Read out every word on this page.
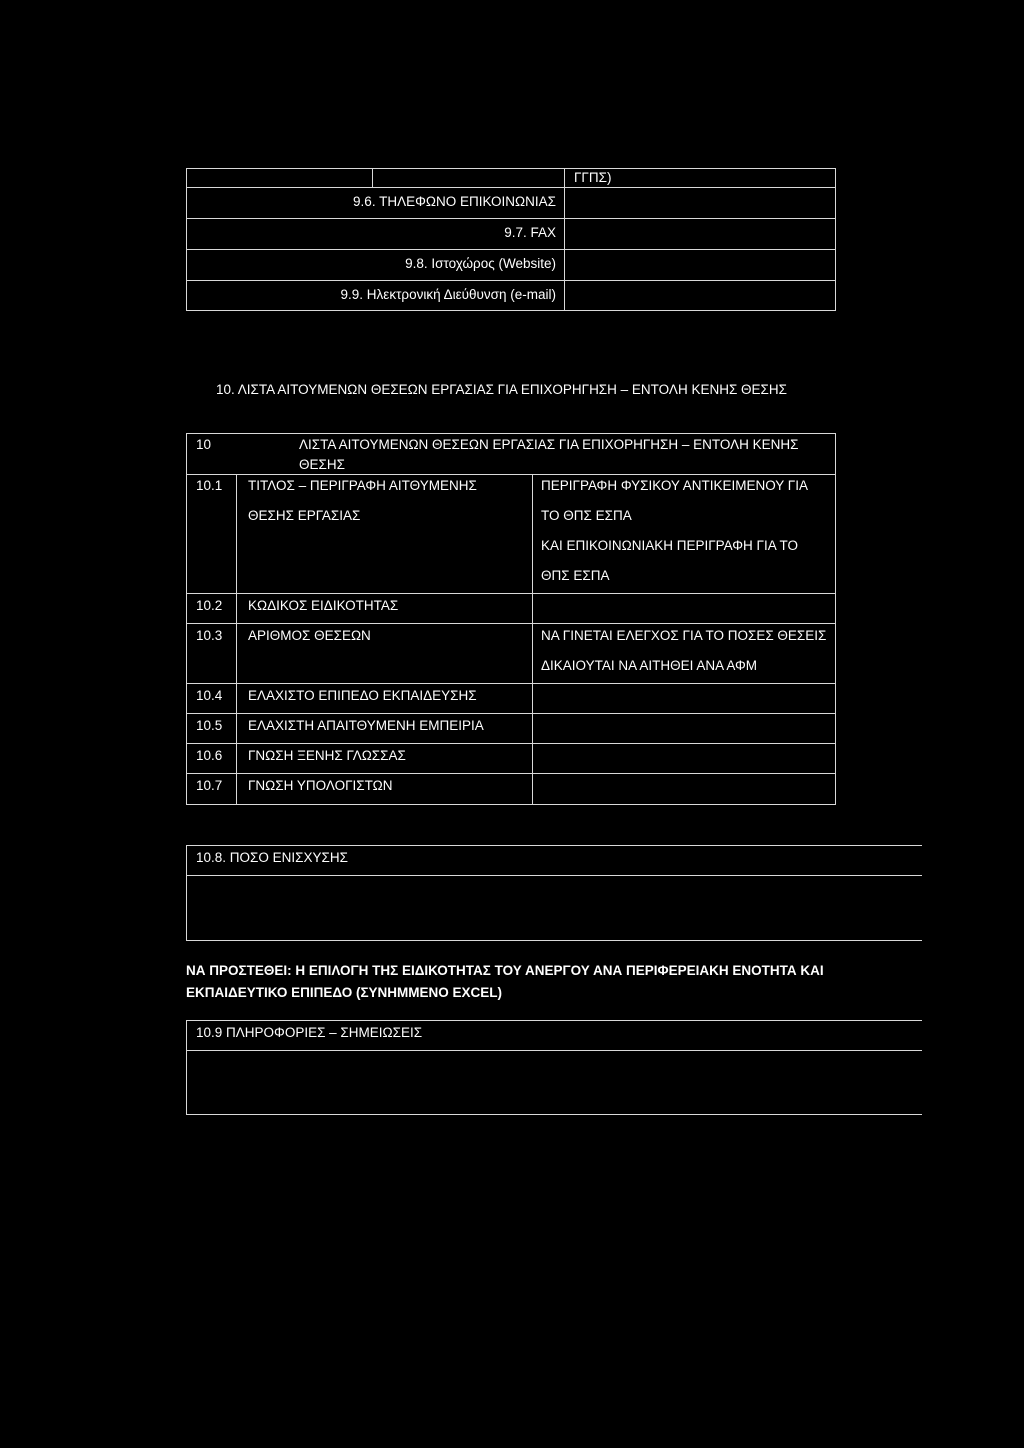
ΓΓΠΣ)
9.6. ΤΗΛΕΦΩΝΟ ΕΠΙΚΟΙΝΩΝΙΑΣ
9.7. FAX
9.8. Ιστοχώρος (Website)
9.9. Ηλεκτρονική Διεύθυνση (e-mail)
10. ΛΙΣΤΑ ΑΙΤΟΥΜΕΝΩΝ ΘΕΣΕΩΝ ΕΡΓΑΣΙΑΣ ΓΙΑ ΕΠΙΧΟΡΗΓΗΣΗ – ΕΝΤΟΛΗ ΚΕΝΗΣ ΘΕΣΗΣ
10	ΛΙΣΤΑ ΑΙΤΟΥΜΕΝΩΝ ΘΕΣΕΩΝ ΕΡΓΑΣΙΑΣ ΓΙΑ ΕΠΙΧΟΡΗΓΗΣΗ – ΕΝΤΟΛΗ ΚΕΝΗΣ
ΘΕΣΗΣ
10.1 ΤΙΤΛΟΣ – ΠΕΡΙΓΡΑΦΗ ΑΙΤΘΥΜΕΝΗΣ
ΘΕΣΗΣ ΕΡΓΑΣΙΑΣ
ΠΕΡΙΓΡΑΦΗ ΦΥΣΙΚΟΥ ΑΝΤΙΚΕΙΜΕΝΟΥ ΓΙΑ
ΤΟ ΘΠΣ ΕΣΠΑ
ΚΑΙ ΕΠΙΚΟΙΝΩΝΙΑΚΗ ΠΕΡΙΓΡΑΦΗ ΓΙΑ ΤΟ
ΘΠΣ ΕΣΠΑ
10.2 ΚΩΔΙΚΟΣ ΕΙΔΙΚΟΤΗΤΑΣ
10.3 ΑΡΙΘΜΟΣ ΘΕΣΕΩΝ	ΝΑ ΓΙΝΕΤΑΙ ΕΛΕΓΧΟΣ ΓΙΑ ΤΟ ΠΟΣΕΣ ΘΕΣΕΙΣ
ΔΙΚΑΙΟΥΤΑΙ ΝΑ ΑΙΤΗΘΕΙ ΑΝΑ ΑΦΜ
10.4 ΕΛΑΧΙΣΤΟ ΕΠΙΠΕΔΟ ΕΚΠΑΙΔΕΥΣΗΣ
10.5 ΕΛΑΧΙΣΤΗ ΑΠΑΙΤΘΥΜΕΝΗ ΕΜΠΕΙΡΙΑ
10.6 ΓΝΩΣΗ ΞΕΝΗΣ ΓΛΩΣΣΑΣ
10.7 ΓΝΩΣΗ ΥΠΟΛΟΓΙΣΤΩΝ
10.8. ΠΟΣΟ ΕΝΙΣΧΥΣΗΣ
ΝΑ ΠΡΟΣΤΕΘΕΙ: Η ΕΠΙΛΟΓΗ ΤΗΣ ΕΙΔΙΚΟΤΗΤΑΣ ΤΟΥ ΑΝΕΡΓΟΥ ΑΝΑ ΠΕΡΙΦΕΡΕΙΑΚΗ ΕΝΟΤΗΤΑ ΚΑΙ
ΕΚΠΑΙΔΕΥΤΙΚΟ ΕΠΙΠΕΔΟ (ΣΥΝΗΜΜΕΝΟ EXCEL)
10.9 ΠΛΗΡΟΦΟΡΙΕΣ – ΣΗΜΕΙΩΣΕΙΣ
